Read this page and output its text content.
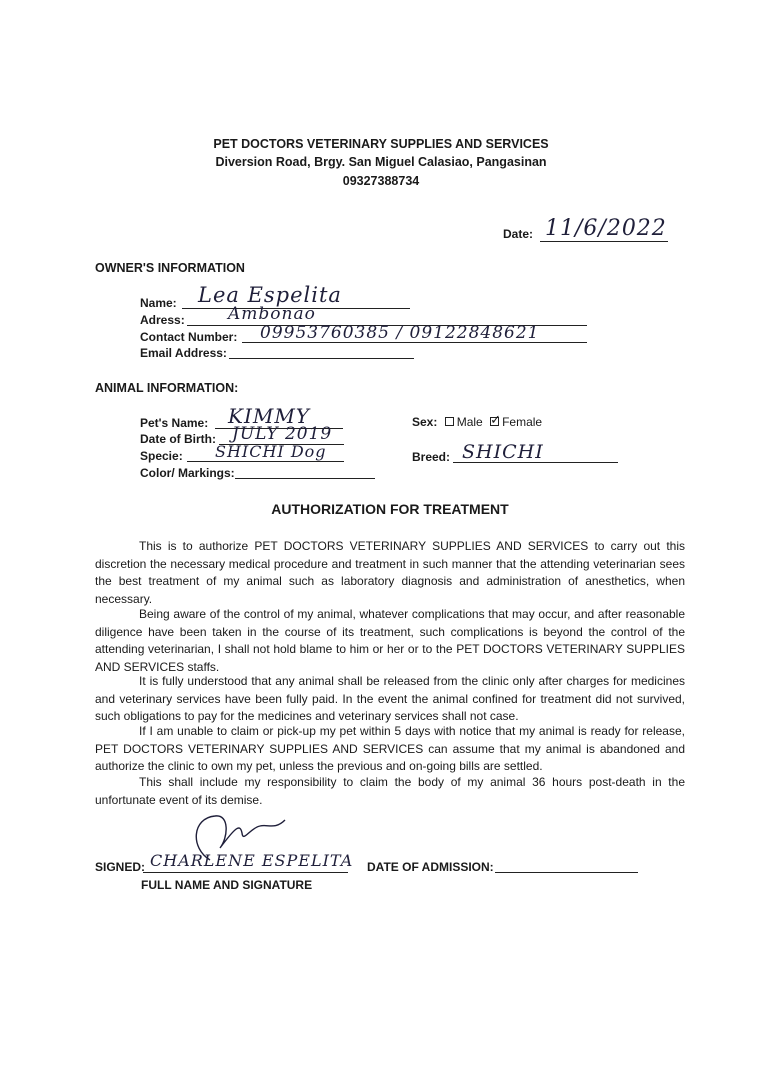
PET DOCTORS VETERINARY SUPPLIES AND SERVICES
Diversion Road, Brgy. San Miguel Calasiao, Pangasinan
09327388734
Date: 11/6/2022
OWNER'S INFORMATION
Name: Lea Espelita
Adress:	Ambonao
Contact Number: 09953760385 / 09122848621
Email Address:
ANIMAL INFORMATION:
Pet's Name: KIMMY
Date of Birth: JULY 2019
Specie: SHICHI Dog
Color/ Markings:
Sex: Male ✓ Female
Breed: SHICHI
AUTHORIZATION FOR TREATMENT

This is to authorize PET DOCTORS VETERINARY SUPPLIES AND SERVICES to carry out this discretion the necessary medical procedure and treatment in such manner that the attending veterinarian sees the best treatment of my animal such as laboratory diagnosis and administration of anesthetics, when necessary.

Being aware of the control of my animal, whatever complications that may occur, and after reasonable diligence have been taken in the course of its treatment, such complications is beyond the control of the attending veterinarian, I shall not hold blame to him or her or to the PET DOCTORS VETERINARY SUPPLIES AND SERVICES staffs.

It is fully understood that any animal shall be released from the clinic only after charges for medicines and veterinary services have been fully paid. In the event the animal confined for treatment did not survived, such obligations to pay for the medicines and veterinary services shall not case.

If I am unable to claim or pick-up my pet within 5 days with notice that my animal is ready for release, PET DOCTORS VETERINARY SUPPLIES AND SERVICES can assume that my animal is abandoned and authorize the clinic to own my pet, unless the previous and on-going bills are settled.

This shall include my responsibility to claim the body of my animal 36 hours post-death in the unfortunate event of its demise.

SIGNED: CHARLENE ESPELITA
FULL NAME AND SIGNATURE
DATE OF ADMISSION:
